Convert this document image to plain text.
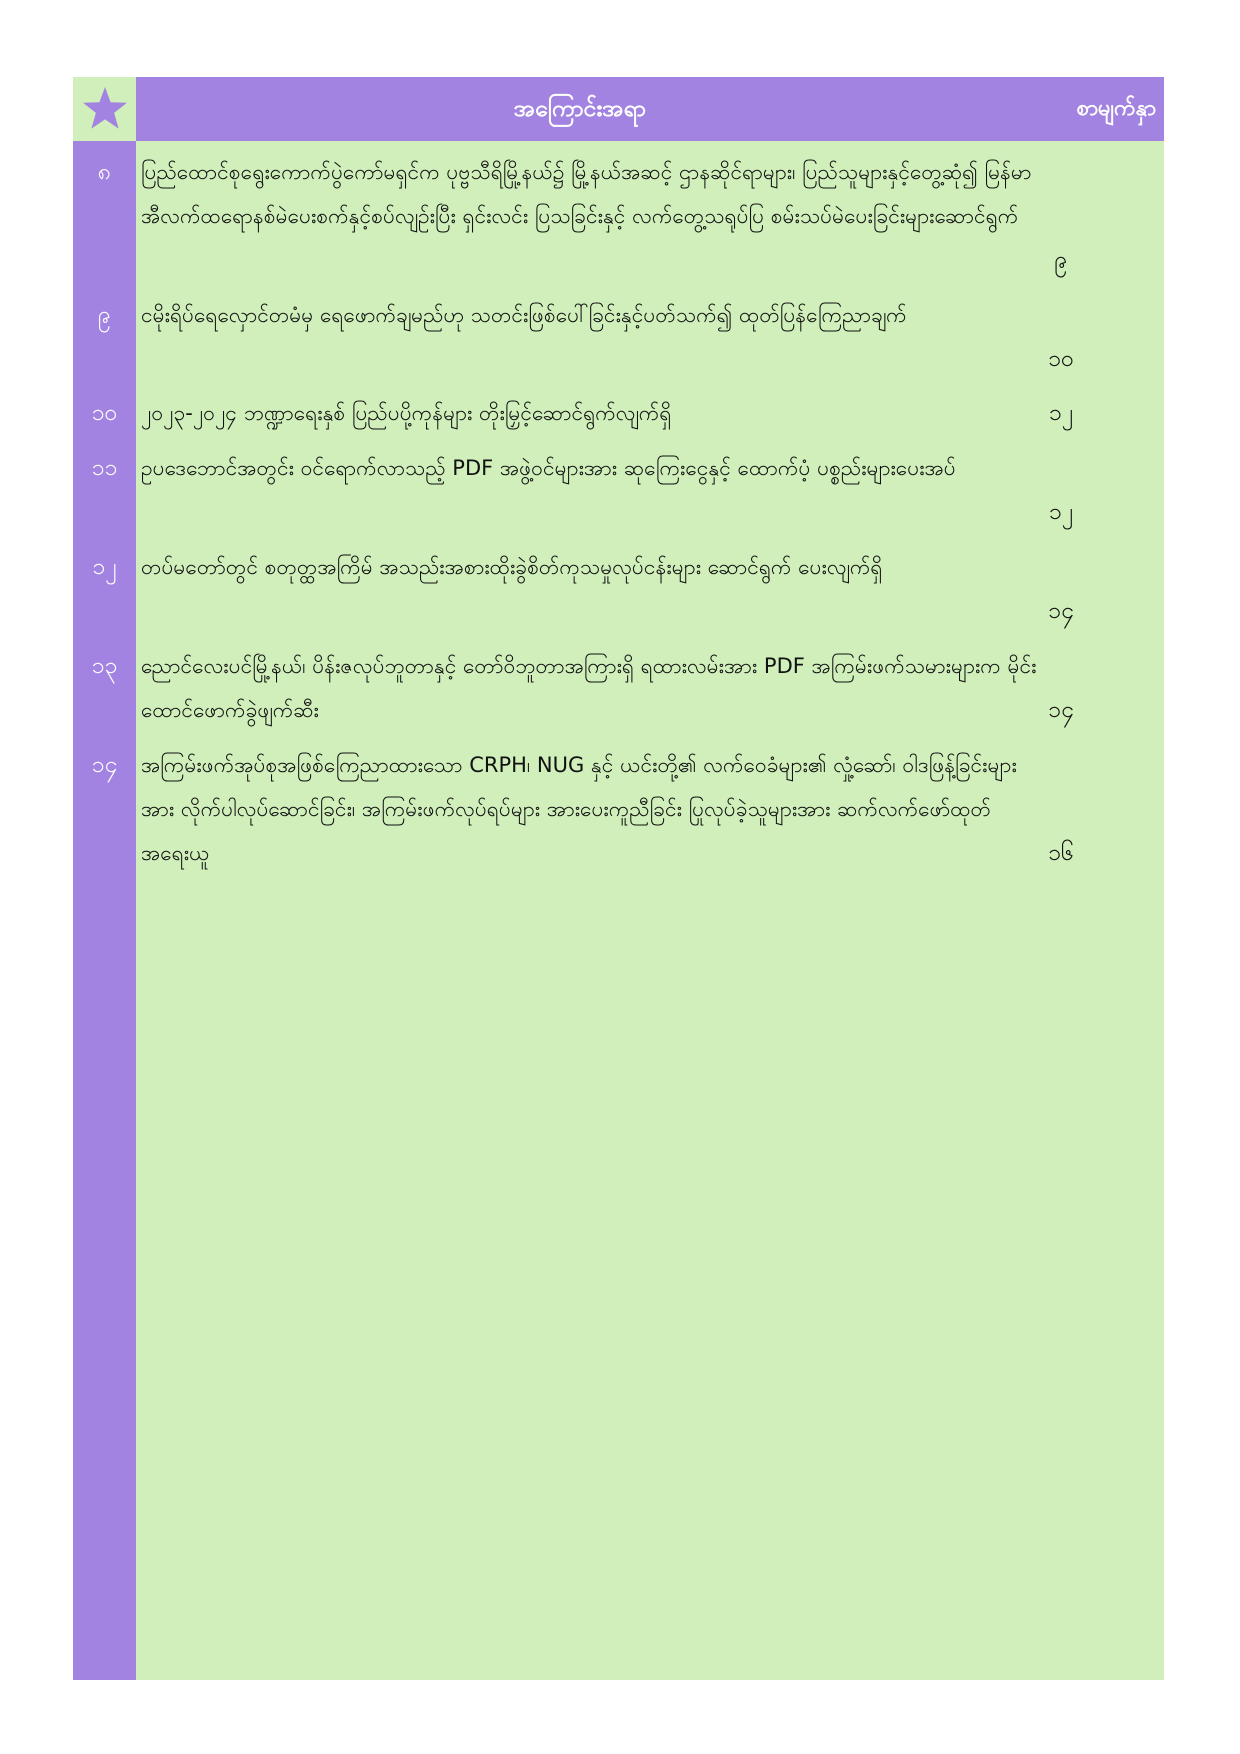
အကြောင်းအရာ	စာမျက်နှာ
၈	ပြည်ထောင်စုရွေးကောက်ပွဲကော်မရှင်က ပုဗ္ဗသီရိမြို့နယ်၌ မြို့နယ်အဆင့် ဌာနဆိုင်ရာများ၊ ပြည်သူများနှင့်တွေ့ဆုံ၍ မြန်မာအီလက်ထရောနစ်မဲပေးစက်နှင့်စပ်လျဉ်းပြီး ရှင်းလင်း ပြသခြင်းနှင့် လက်တွေ့သရုပ်ပြ စမ်းသပ်မဲပေးခြင်းများဆောင်ရွက်
၉
၉	ငမိုးရိပ်ရေလှောင်တမံမှ ရေဖောက်ချမည်ဟု သတင်းဖြစ်ပေါ်ခြင်းနှင့်ပတ်သက်၍ ထုတ်ပြန်ကြေညာချက်
၁၀
၁၀	၂၀၂၃-၂၀၂၄ ဘဏ္ဍာရေးနှစ် ပြည်ပပို့ကုန်များ တိုးမြှင့်ဆောင်ရွက်လျက်ရှိ	၁၂
၁၁	ဥပဒေဘောင်အတွင်း ဝင်ရောက်လာသည့် PDF အဖွဲ့ဝင်များအား ဆုကြေးငွေနှင့် ထောက်ပံ့ ပစ္စည်းများပေးအပ်
၁၂
၁၂	တပ်မတော်တွင် စတုတ္ထအကြိမ် အသည်းအစားထိုးခွဲစိတ်ကုသမှုလုပ်ငန်းများ ဆောင်ရွက် ပေးလျက်ရှိ
၁၄
၁၃	ညောင်လေးပင်မြို့နယ်၊ ပိန်းဇလုပ်ဘူတာနှင့် တော်ဝိဘူတာအကြားရှိ ရထားလမ်းအား PDF အကြမ်းဖက်သမားများက မိုင်းထောင်ဖောက်ခွဲဖျက်ဆီး	၁၄
၁၄	အကြမ်းဖက်အုပ်စုအဖြစ်ကြေညာထားသော CRPH၊ NUG နှင့် ယင်းတို့၏ လက်ဝေခံများ၏ လှုံ့ဆော်၊ ဝါဒဖြန့်ခြင်းများအား လိုက်ပါလုပ်ဆောင်ခြင်း၊ အကြမ်းဖက်လုပ်ရပ်များ အားပေးကူညီခြင်း ပြုလုပ်ခဲ့သူများအား ဆက်လက်ဖော်ထုတ်အရေးယူ	၁၆
